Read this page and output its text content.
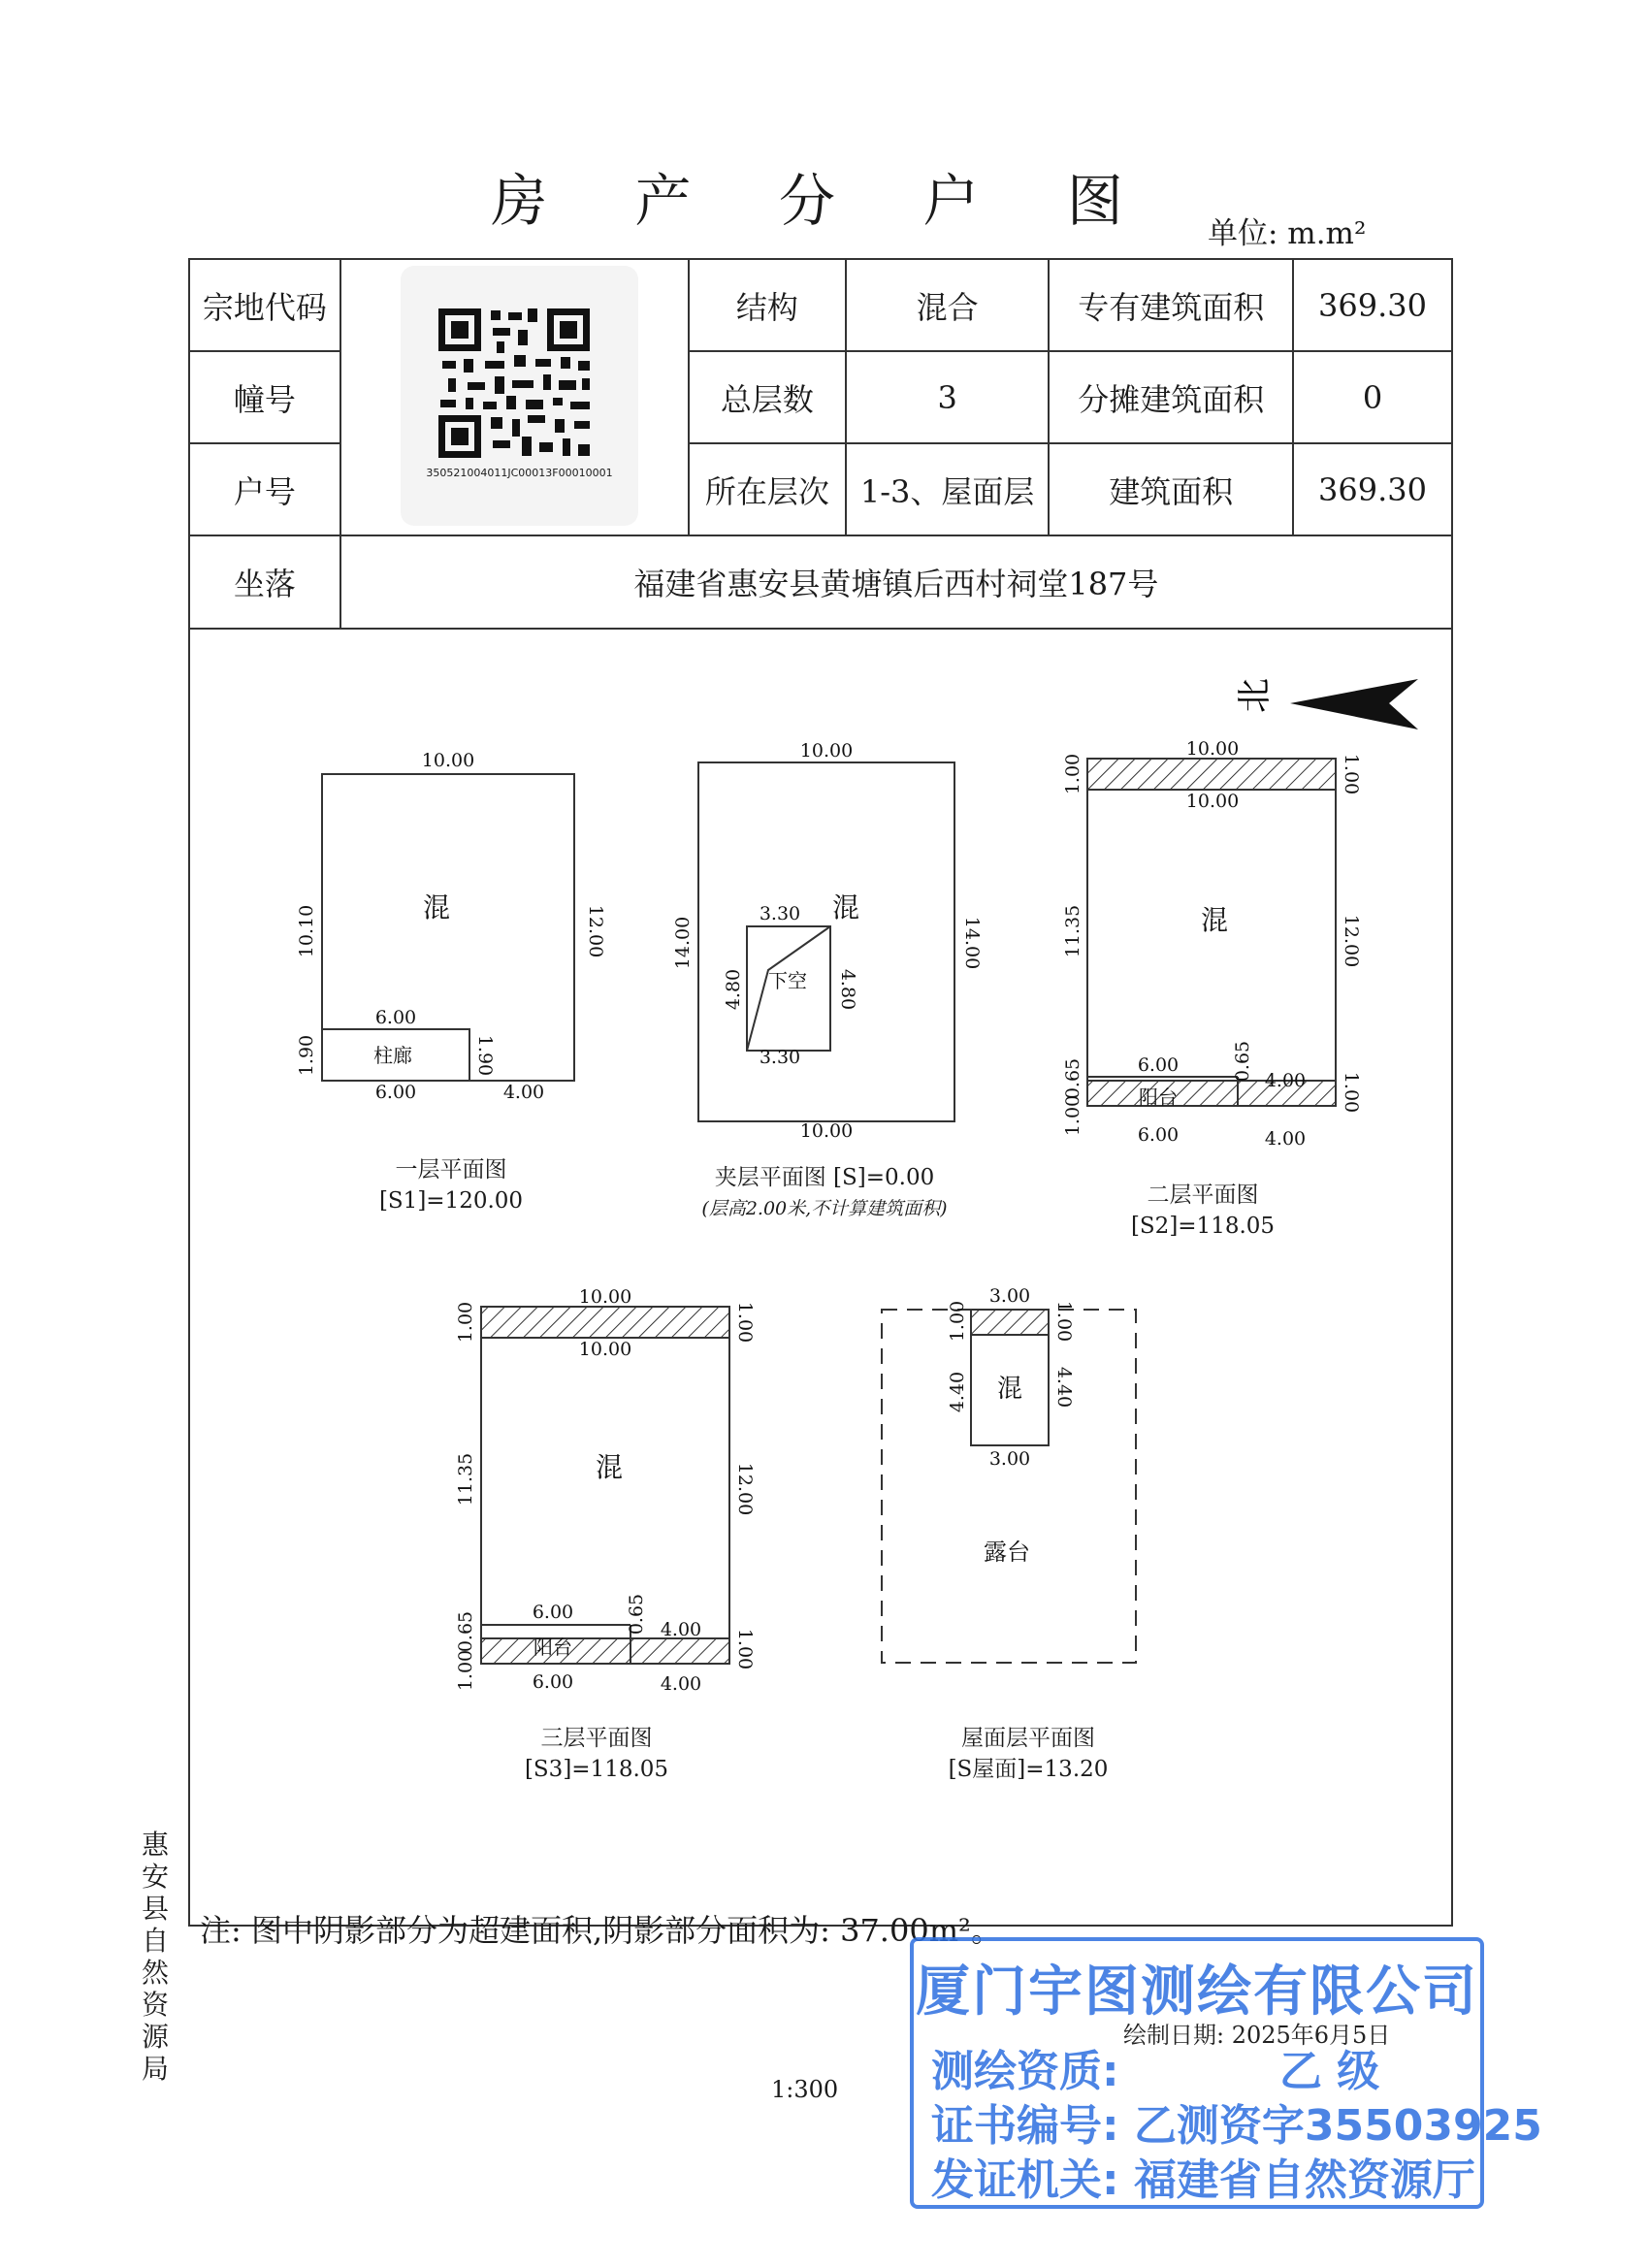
房 产 分 户 图	单位: m.m²
宗地代码		结构	混合	专有建筑面积	369.30
幢号		总层数	3	分摊建筑面积	0
户号		所在层次	1-3、屋面层	建筑面积	369.30
坐落	福建省惠安县黄塘镇后西村祠堂187号				
350521004011JC00013F00010001
北
10.00
10.10	12.00
6.00
1.90	1.90
6.00	4.00
混
柱廊
10.00
14.00	14.00
10.00
3.30
3.30
4.80	4.80
混
下空
10.00
10.00
1.00	1.00
11.35	12.00
0.65	0.65
1.00
1.00
6.00
4.00
6.00	4.00
混
阳台
10.00
10.00
1.00	1.00
11.35	12.00
0.65	0.65
1.00
1.00
6.00
4.00
6.00	4.00
混
阳台
3.00
1.00	1.00
4.40	4.40
3.00
混
露台
一层平面图
[S1]=120.00
夹层平面图 [S]=0.00
(层高2.00米,不计算建筑面积)
二层平面图
[S2]=118.05
三层平面图
[S3]=118.05
屋面层平面图
[S屋面]=13.20
注: 图中阴影部分为超建面积,阴影部分面积为: 37.00m²。
1:300
惠安县自然资源局
绘制日期: 2025年6月5日
厦门宇图测绘有限公司
测绘资质:	乙 级
证书编号: 乙测资字35503925
发证机关: 福建省自然资源厅
